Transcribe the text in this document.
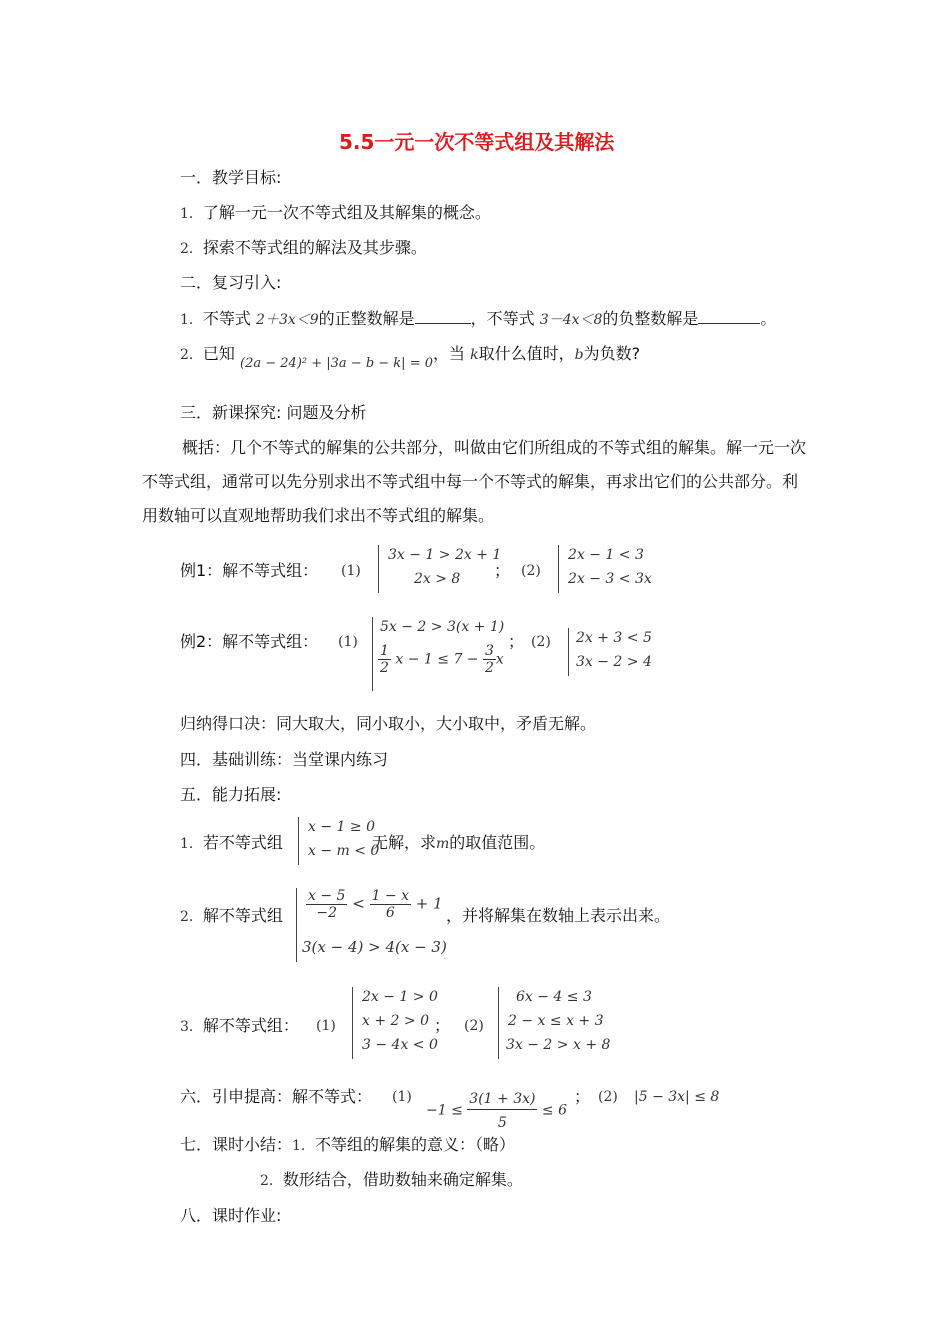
5.5一元一次不等式组及其解法
一．教学目标:
1．了解一元一次不等式组及其解集的概念。
2．探索不等式组的解法及其步骤。
二．复习引入:
1．不等式 2＋3x＜9的正整数解是	，不等式 3－4x＜8的负整数解是	。
2．已知 $_{(2a - 24)^2 + |3a - b - k| = 0}$，当 k取什么值时，b为负数?
三．新课探究: 问题及分析
概括：几个不等式的解集的公共部分，叫做由它们所组成的不等式组的解集。解一元一次不等式组，通常可以先分别求出不等式组中每一个不等式的解集，再求出它们的公共部分。利用数轴可以直观地帮助我们求出不等式组的解集。
例1：解不等式组： (1)
3x − 1 > 2x + 1
2x > 8 ； (2)
2x − 1 < 3
2x − 3 < 3x
例2：解不等式组： (1)
5x − 2 > 3(x + 1)
$\frac{1}{2}$ $x - 1 \le 7 - \frac{3}{2}$ x
； (2) 2x + 3 < 5
3x − 2 > 4
归纳得口决：同大取大，同小取小，大小取中，矛盾无解。
四．基础训练：当堂课内练习
五．能力拓展:
1．若不等式组
x − 1 ≥ 0
x − m < 0
无解，求m的取值范围。
2．解不等式组 $\frac{x - 5}{-2} < \frac{1 - x}{6} + 1$
3(x − 4) > 4(x − 3)
，并将解集在数轴上表示出来。
3．解不等式组： (1)
2x − 1 > 0
x + 2 > 0
3 − 4x < 0
； (2)
6x − 4 ≤ 3
2 − x ≤ x + 3
3x − 2 > x + 8
六．引申提高：解不等式： (1)
$-1 \le \frac{3(1 + 3x)}{5} \le 6$
； (2) |5 − 3x| ≤ 8
七．课时小结：1．不等组的解集的意义：（略）
2．数形结合，借助数轴来确定解集。
八．课时作业:
